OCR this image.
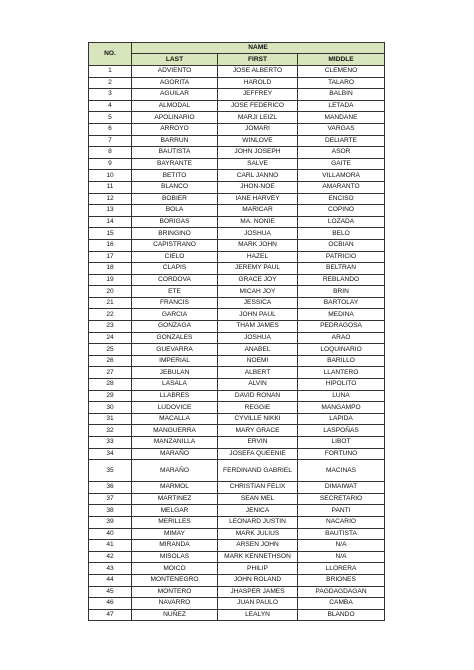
NO.	NAME		
	LAST	FIRST	MIDDLE
1	ADVIENTO	JOSE ALBERTO	CLEMENO
2	AGORITA	HAROLD	TALARO
3	AGUILAR	JEFFREY	BALBIN
4	ALMODAL	JOSE FEDERICO	LETADA
5	APOLINARIO	MARJI LEIZL	MANDANE
6	ARROYO	JOMARI	VARGAS
7	BARRUN	WINLOVE	DELIARTE
8	BAUTISTA	JOHN JOSEPH	ASOR
9	BAYRANTE	SALVE	GAITE
10	BETITO	CARL JANNO	VILLAMORA
11	BLANCO	JHON-NOE	AMARANTO
12	BOBIER	IANE HARVEY	ENCISO
13	BOLA	MARICAR	COPINO
14	BORIGAS	MA. NONIE	LOZADA
15	BRINGINO	JOSHUA	BELO
16	CAPISTRANO	MARK JOHN	OCBIAN
17	CIELO	HAZEL	PATRICIO
18	CLAPIS	JEREMY PAUL	BELTRAN
19	CORDOVA	GRACE JOY	REBLANDO
20	ETE	MICAH JOY	BRIN
21	FRANCIS	JESSICA	BARTOLAY
22	GARCIA	JOHN PAUL	MEDINA
23	GONZAGA	THAM JAMES	PEDRAGOSA
24	GONZALES	JOSHUA	ARAO
25	GUEVARRA	ANABEL	LOQUINARIO
26	IMPERIAL	NOEMI	BARILLO
27	JEBULAN	ALBERT	LLANTERO
28	LASALA	ALVIN	HIPOLITO
29	LLABRES	DAVID RONAN	LUNA
30	LUDOVICE	REGGIE	MANGAMPO
31	MACALLA	CYVILLE NIKKI	LAPIDA
32	MANGUERRA	MARY GRACE	LASPOÑAS
33	MANZANILLA	ERVIN	LIBOT
34	MARAÑO	JOSEFA QUEENIE	FORTUNO
35	MARAÑO	FERDINAND GABRIEL	MACINAS
36	MARMOL	CHRISTIAN FELIX	DIMAIWAT
37	MARTINEZ	SEAN MEL	SECRETARIO
38	MELGAR	JENICA	PANTI
39	MERILLES	LEONARD JUSTIN	NACARIO
40	MIMAY	MARK JULIUS	BAUTISTA
41	MIRANDA	ARSEN JOHN	N/A
42	MISOLAS	MARK KENNETHSON	N/A
43	MOICO	PHILIP	LLORERA
44	MONTENEGRO	JOHN ROLAND	BRIONES
45	MONTERO	JHASPER JAMES	PAGDAGDAGAN
46	NAVARRO	JUAN PAULO	CAMBA
47	NUÑEZ	LEALYN	BLANDO
